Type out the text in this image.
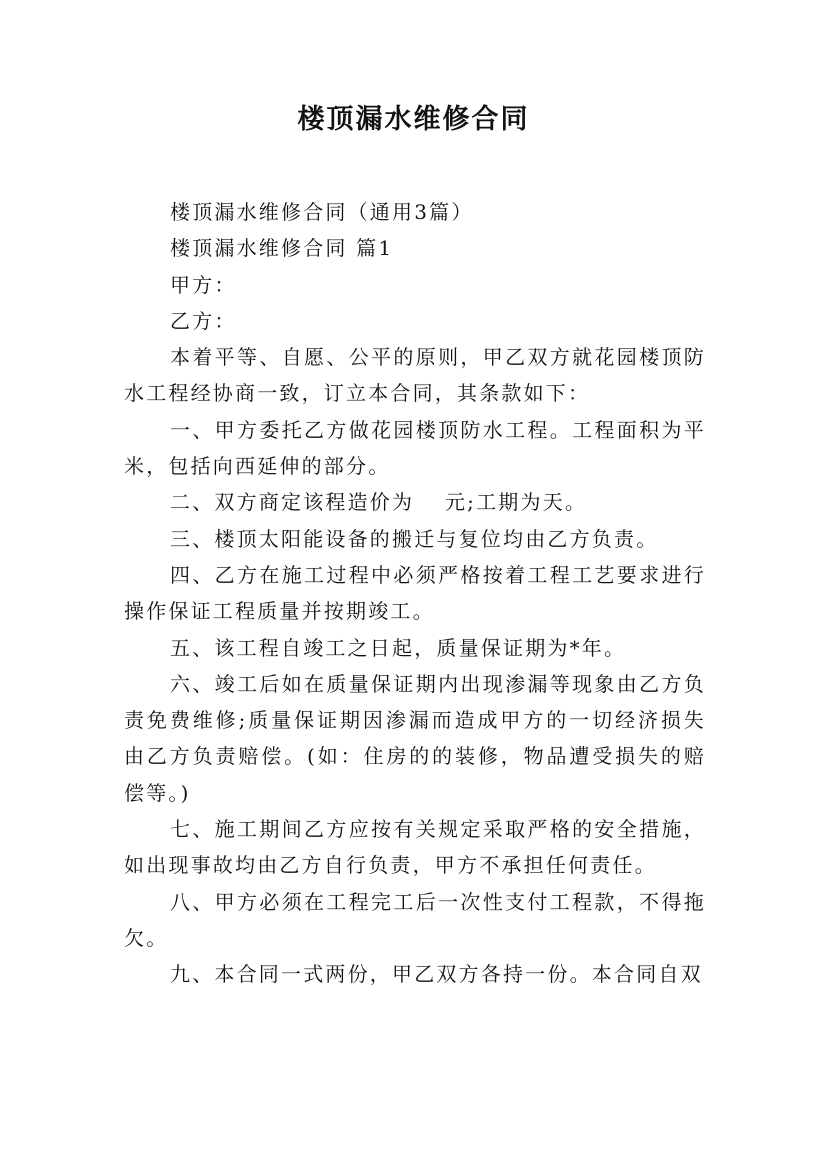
楼顶漏水维修合同

楼顶漏水维修合同（通用3篇）

楼顶漏水维修合同 篇1

甲方：

乙方：

本着平等、自愿、公平的原则，甲乙双方就花园楼顶防水工程经协商一致，订立本合同，其条款如下：

一、甲方委托乙方做花园楼顶防水工程。工程面积为平米，包括向西延伸的部分。

二、双方商定该程造价为　 元;工期为天。

三、楼顶太阳能设备的搬迁与复位均由乙方负责。

四、乙方在施工过程中必须严格按着工程工艺要求进行操作保证工程质量并按期竣工。

五、该工程自竣工之日起，质量保证期为*年。

六、竣工后如在质量保证期内出现渗漏等现象由乙方负责免费维修;质量保证期因渗漏而造成甲方的一切经济损失由乙方负责赔偿。(如：住房的的装修，物品遭受损失的赔偿等。)

七、施工期间乙方应按有关规定采取严格的安全措施，如出现事故均由乙方自行负责，甲方不承担任何责任。

八、甲方必须在工程完工后一次性支付工程款，不得拖欠。

九、本合同一式两份，甲乙双方各持一份。本合同自双
